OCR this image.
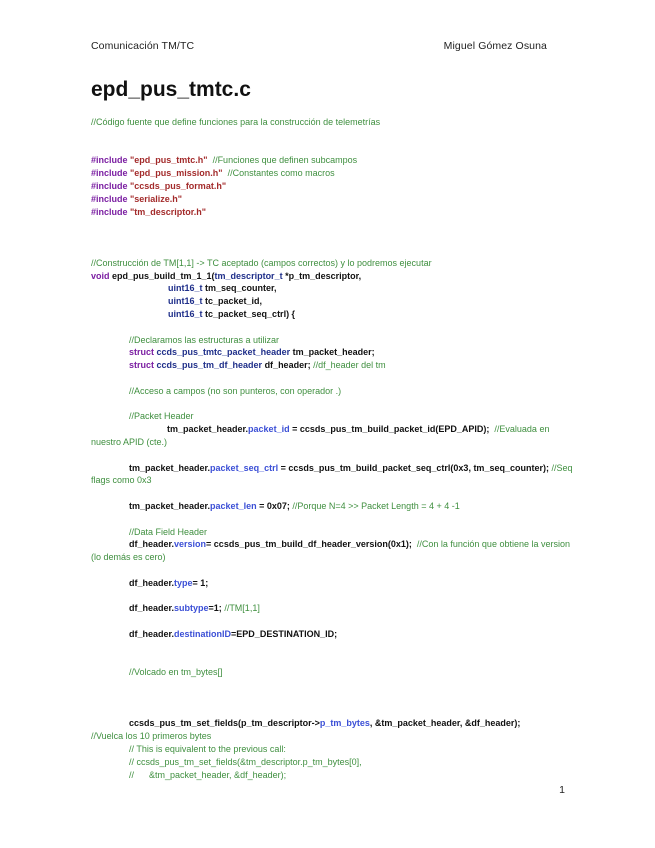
Comunicación TM/TC	Miguel Gómez Osuna
epd_pus_tmtc.c
//Código fuente que define funciones para la construcción de telemetrías
#include "epd_pus_tmtc.h"  //Funciones que definen subcampos
#include "epd_pus_mission.h"  //Constantes como macros
#include "ccsds_pus_format.h"
#include "serialize.h"
#include "tm_descriptor.h"
//Construcción de TM[1,1] -> TC aceptado (campos correctos) y lo podremos ejecutar
void epd_pus_build_tm_1_1(tm_descriptor_t *p_tm_descriptor,
uint16_t tm_seq_counter,
uint16_t tc_packet_id,
uint16_t tc_packet_seq_ctrl) {
//Declaramos las estructuras a utilizar
struct ccds_pus_tmtc_packet_header tm_packet_header;
struct ccds_pus_tm_df_header df_header; //df_header del tm
//Acceso a campos (no son punteros, con operador .)
//Packet Header
tm_packet_header.packet_id = ccsds_pus_tm_build_packet_id(EPD_APID);  //Evaluada en nuestro APID (cte.)
tm_packet_header.packet_seq_ctrl = ccsds_pus_tm_build_packet_seq_ctrl(0x3, tm_seq_counter); //Seq flags como 0x3
tm_packet_header.packet_len = 0x07; //Porque N=4 >> Packet Length = 4 + 4 -1
//Data Field Header
df_header.version= ccsds_pus_tm_build_df_header_version(0x1);  //Con la función que obtiene la version (lo demás es cero)
df_header.type= 1;
df_header.subtype=1; //TM[1,1]
df_header.destinationID=EPD_DESTINATION_ID;
//Volcado en tm_bytes[]
ccsds_pus_tm_set_fields(p_tm_descriptor->p_tm_bytes, &tm_packet_header, &df_header);
//Vuelca los 10 primeros bytes
// This is equivalent to the previous call:
// ccsds_pus_tm_set_fields(&tm_descriptor.p_tm_bytes[0],
//      &tm_packet_header, &df_header);
1
